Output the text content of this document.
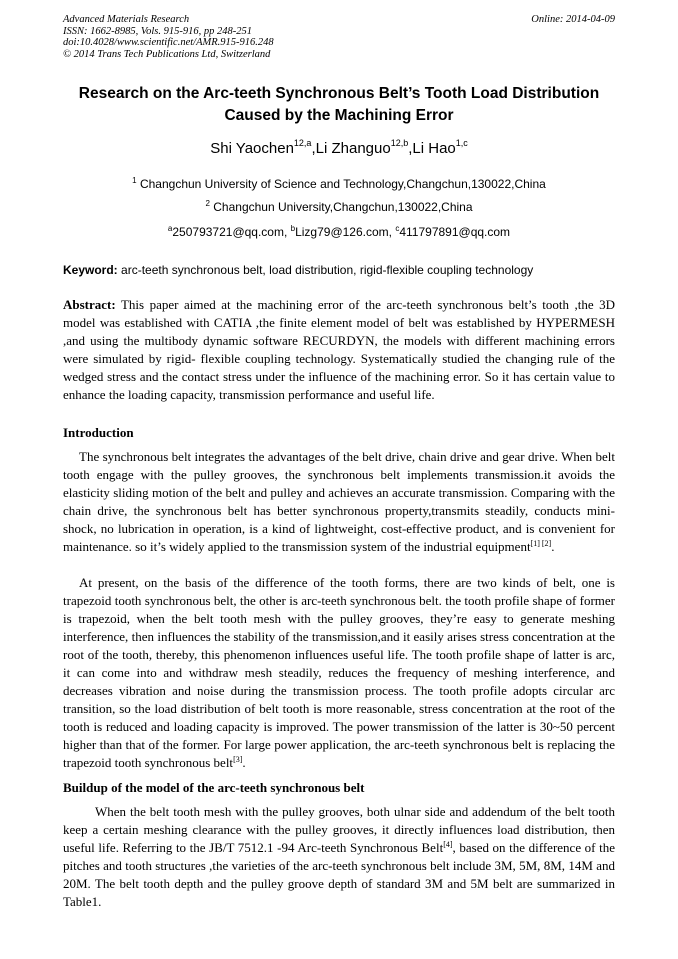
Advanced Materials Research
ISSN: 1662-8985, Vols. 915-916, pp 248-251
doi:10.4028/www.scientific.net/AMR.915-916.248
© 2014 Trans Tech Publications Ltd, Switzerland
Online: 2014-04-09
Research on the Arc-teeth Synchronous Belt’s Tooth Load Distribution
Caused by the Machining Error
Shi Yaochen$^{12,a}$,Li Zhanguo$^{12,b}$,Li Hao$^{1,c}$
$^1$ Changchun University of Science and Technology,Changchun,130022,China
$^2$ Changchun University,Changchun,130022,China
$^a$250793721@qq.com, $^b$Lizg79@126.com, $^c$411797891@qq.com
Keyword: arc-teeth synchronous belt, load distribution, rigid-flexible coupling technology

Abstract: This paper aimed at the machining error of the arc-teeth synchronous belt’s tooth ,the 3D model was established with CATIA ,the finite element model of belt was established by HYPERMESH ,and using the multibody dynamic software RECURDYN, the models with different machining errors were simulated by rigid- flexible coupling technology. Systematically studied the changing rule of the wedged stress and the contact stress under the influence of the machining error. So it has certain value to enhance the loading capacity, transmission performance and useful life.

Introduction

The synchronous belt integrates the advantages of the belt drive, chain drive and gear drive. When belt tooth engage with the pulley grooves, the synchronous belt implements transmission.it avoids the elasticity sliding motion of the belt and pulley and achieves an accurate transmission. Comparing with the chain drive, the synchronous belt has better synchronous property,transmits steadily, conducts mini-shock, no lubrication in operation, is a kind of lightweight, cost-effective product, and is convenient for maintenance. so it’s widely applied to the transmission system of the industrial equipment[1] [2].

At present, on the basis of the difference of the tooth forms, there are two kinds of belt, one is trapezoid tooth synchronous belt, the other is arc-teeth synchronous belt. the tooth profile shape of former is trapezoid, when the belt tooth mesh with the pulley grooves, they’re easy to generate meshing interference, then influences the stability of the transmission,and it easily arises stress concentration at the root of the tooth, thereby, this phenomenon influences useful life. The tooth profile shape of latter is arc, it can come into and withdraw mesh steadily, reduces the frequency of meshing interference, and decreases vibration and noise during the transmission process. The tooth profile adopts circular arc transition, so the load distribution of belt tooth is more reasonable, stress concentration at the root of the tooth is reduced and loading capacity is improved. The power transmission of the latter is 30~50 percent higher than that of the former. For large power application, the arc-teeth synchronous belt is replacing the trapezoid tooth synchronous belt[3].

Buildup of the model of the arc-teeth synchronous belt

When the belt tooth mesh with the pulley grooves, both ulnar side and addendum of the belt tooth keep a certain meshing clearance with the pulley grooves, it directly influences load distribution, then useful life. Referring to the JB/T 7512.1 -94 Arc-teeth Synchronous Belt[4], based on the difference of the pitches and tooth structures ,the varieties of the arc-teeth synchronous belt include 3M, 5M, 8M, 14M and 20M. The belt tooth depth and the pulley groove depth of standard 3M and 5M belt are summarized in Table1.
